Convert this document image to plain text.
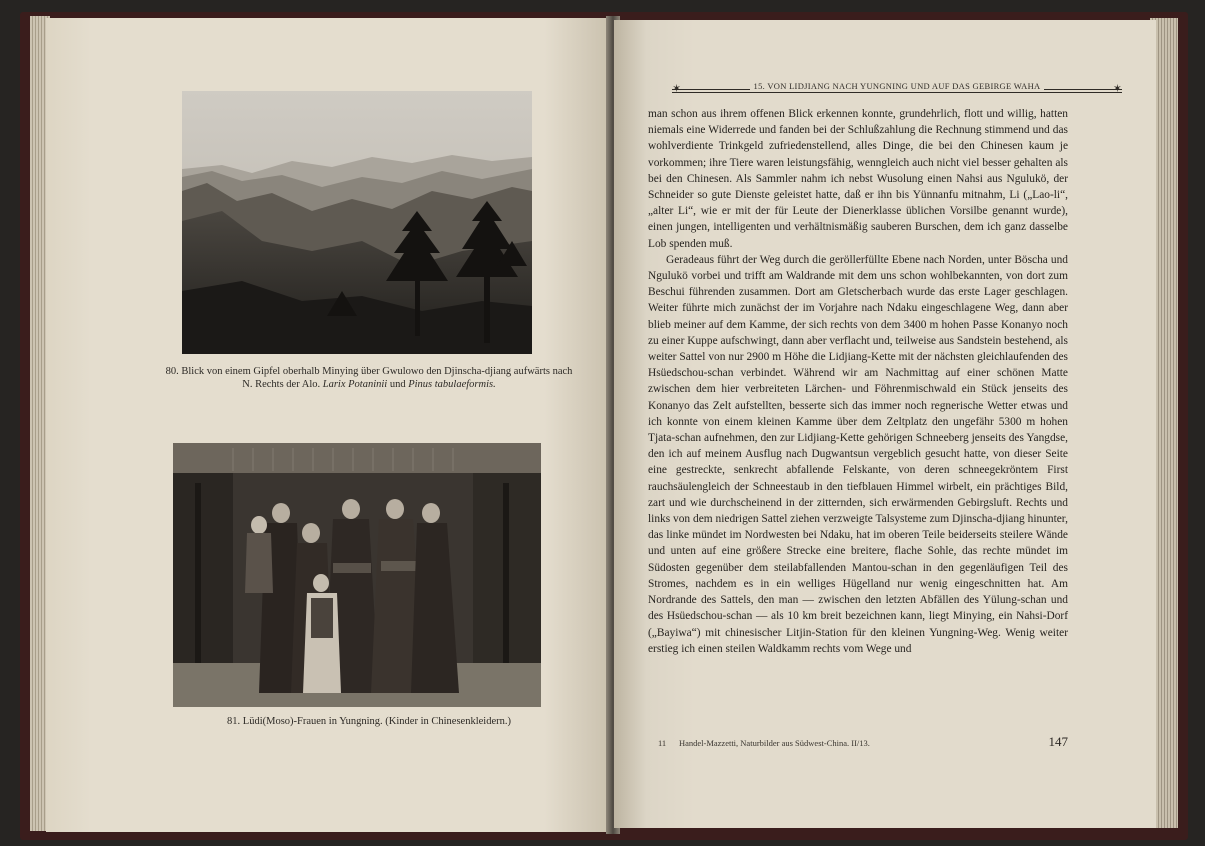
80. Blick von einem Gipfel oberhalb Minying über Gwulowo den Djinscha-djiang aufwärts nach N. Rechts der Alo. Larix Potaninii und Pinus tabulaeformis.
81. Lüdi(Moso)-Frauen in Yungning. (Kinder in Chinesenkleidern.)
15. VON LIDJIANG NACH YUNGNING UND AUF DAS GEBIRGE WAHA
✶	✶

man schon aus ihrem offenen Blick erkennen konnte, grundehrlich, flott und willig, hatten niemals eine Widerrede und fanden bei der Schlußzahlung die Rechnung stimmend und das wohlverdiente Trinkgeld zufriedenstellend, alles Dinge, die bei den Chinesen kaum je vorkommen; ihre Tiere waren leistungsfähig, wenngleich auch nicht viel besser gehalten als bei den Chinesen. Als Sammler nahm ich nebst Wusolung einen Nahsi aus Ngulukö, der Schneider so gute Dienste geleistet hatte, daß er ihn bis Yünnanfu mitnahm, Li („Lao-li“, „alter Li“, wie er mit der für Leute der Dienerklasse üblichen Vorsilbe genannt wurde), einen jungen, intelligenten und verhältnismäßig sauberen Burschen, dem ich ganz dasselbe Lob spenden muß.

Geradeaus führt der Weg durch die geröllerfüllte Ebene nach Norden, unter Böscha und Ngulukö vorbei und trifft am Waldrande mit dem uns schon wohlbekannten, von dort zum Beschui führenden zusammen. Dort am Gletscherbach wurde das erste Lager geschlagen. Weiter führte mich zunächst der im Vorjahre nach Ndaku eingeschlagene Weg, dann aber blieb meiner auf dem Kamme, der sich rechts von dem 3400 m hohen Passe Konanyo noch zu einer Kuppe aufschwingt, dann aber verflacht und, teilweise aus Sandstein bestehend, als weiter Sattel von nur 2900 m Höhe die Lidjiang-Kette mit der nächsten gleichlaufenden des Hsüedschou-schan verbindet. Während wir am Nachmittag auf einer schönen Matte zwischen dem hier verbreiteten Lärchen- und Föhrenmischwald ein Stück jenseits des Konanyo das Zelt aufstellten, besserte sich das immer noch regnerische Wetter etwas und ich konnte von einem kleinen Kamme über dem Zeltplatz den ungefähr 5300 m hohen Tjata-schan aufnehmen, den zur Lidjiang-Kette gehörigen Schneeberg jenseits des Yangdse, den ich auf meinem Ausflug nach Dugwantsun vergeblich gesucht hatte, von dieser Seite eine gestreckte, senkrecht abfallende Felskante, von deren schneegekröntem First rauchsäulengleich der Schneestaub in den tiefblauen Himmel wirbelt, ein prächtiges Bild, zart und wie durchscheinend in der zitternden, sich erwärmenden Gebirgsluft. Rechts und links von dem niedrigen Sattel ziehen verzweigte Talsysteme zum Djinscha-djiang hinunter, das linke mündet im Nordwesten bei Ndaku, hat im oberen Teile beiderseits steilere Wände und unten auf eine größere Strecke eine breitere, flache Sohle, das rechte mündet im Südosten gegenüber dem steilabfallenden Mantou-schan in den gegenläufigen Teil des Stromes, nachdem es in ein welliges Hügelland nur wenig eingeschnitten hat. Am Nordrande des Sattels, den man — zwischen den letzten Abfällen des Yülung-schan und des Hsüedschou-schan — als 10 km breit bezeichnen kann, liegt Minying, ein Nahsi-Dorf („Bayiwa“) mit chinesischer Litjin-Station für den kleinen Yungning-Weg. Wenig weiter erstieg ich einen steilen Waldkamm rechts vom Wege und

11 Handel-Mazzetti, Naturbilder aus Südwest-China. II/13.	147
